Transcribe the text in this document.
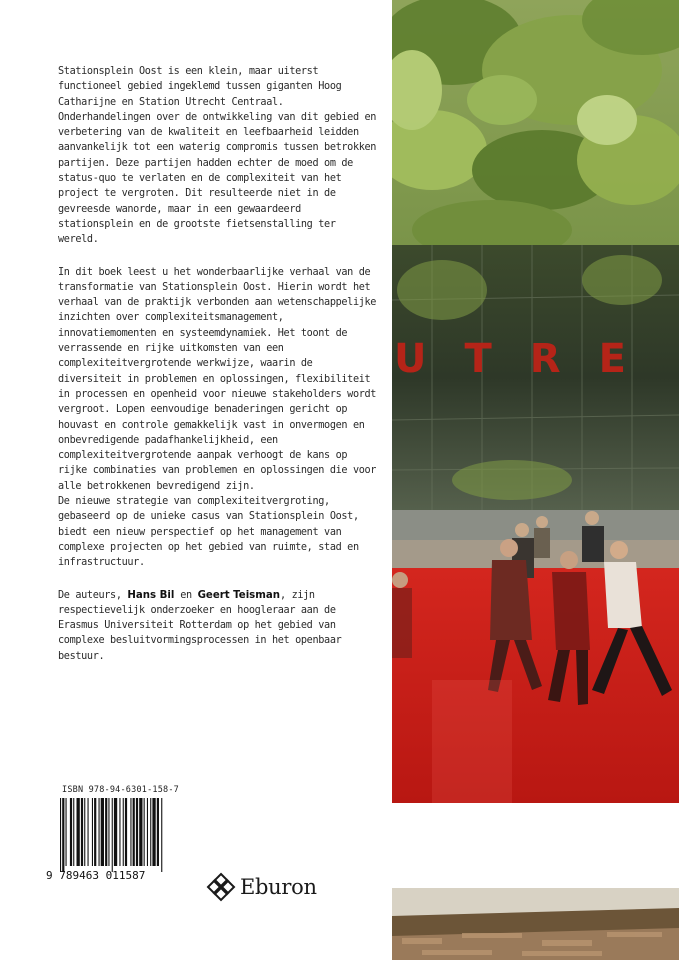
Stationsplein Oost is een klein, maar uiterst functioneel gebied ingeklemd tussen giganten Hoog Catharijne en Station Utrecht Centraal. Onderhandelingen over de ontwikkeling van dit gebied en verbetering van de kwaliteit en leefbaarheid leidden aanvankelijk tot een waterig compromis tussen betrokken partijen. Deze partijen hadden echter de moed om de status-quo te verlaten en de complexiteit van het project te vergroten. Dit resulteerde niet in de gevreesde wanorde, maar in een gewaardeerd stationsplein en de grootste fietsenstalling ter wereld.

In dit boek leest u het wonderbaarlijke verhaal van de transformatie van Stationsplein Oost. Hierin wordt het verhaal van de praktijk verbonden aan wetenschappelijke inzichten over complexiteitsmanagement, innovatiemomenten en systeemdynamiek. Het toont de verrassende en rijke uitkomsten van een complexiteitvergrotende werkwijze, waarin de diversiteit in problemen en oplossingen, flexibiliteit in processen en openheid voor nieuwe stakeholders wordt vergroot. Lopen eenvoudige benaderingen gericht op houvast en controle gemakkelijk vast in onvermogen en onbevredigende padafhankelijkheid, een complexiteitvergrotende aanpak verhoogt de kans op rijke combinaties van problemen en oplossingen die voor alle betrokkenen bevredigend zijn.

De nieuwe strategie van complexiteitvergroting, gebaseerd op de unieke casus van Stationsplein Oost, biedt een nieuw perspectief op het management van complexe projecten op het gebied van ruimte, stad en infrastructuur.

De auteurs, Hans Bil en Geert Teisman, zijn respectievelijk onderzoeker en hoogleraar aan de Erasmus Universiteit Rotterdam op het gebied van complexe besluitvormingsprocessen in het openbaar bestuur.

UTRE
ISBN 978-94-6301-158-7
9 789463 011587	Eburon
